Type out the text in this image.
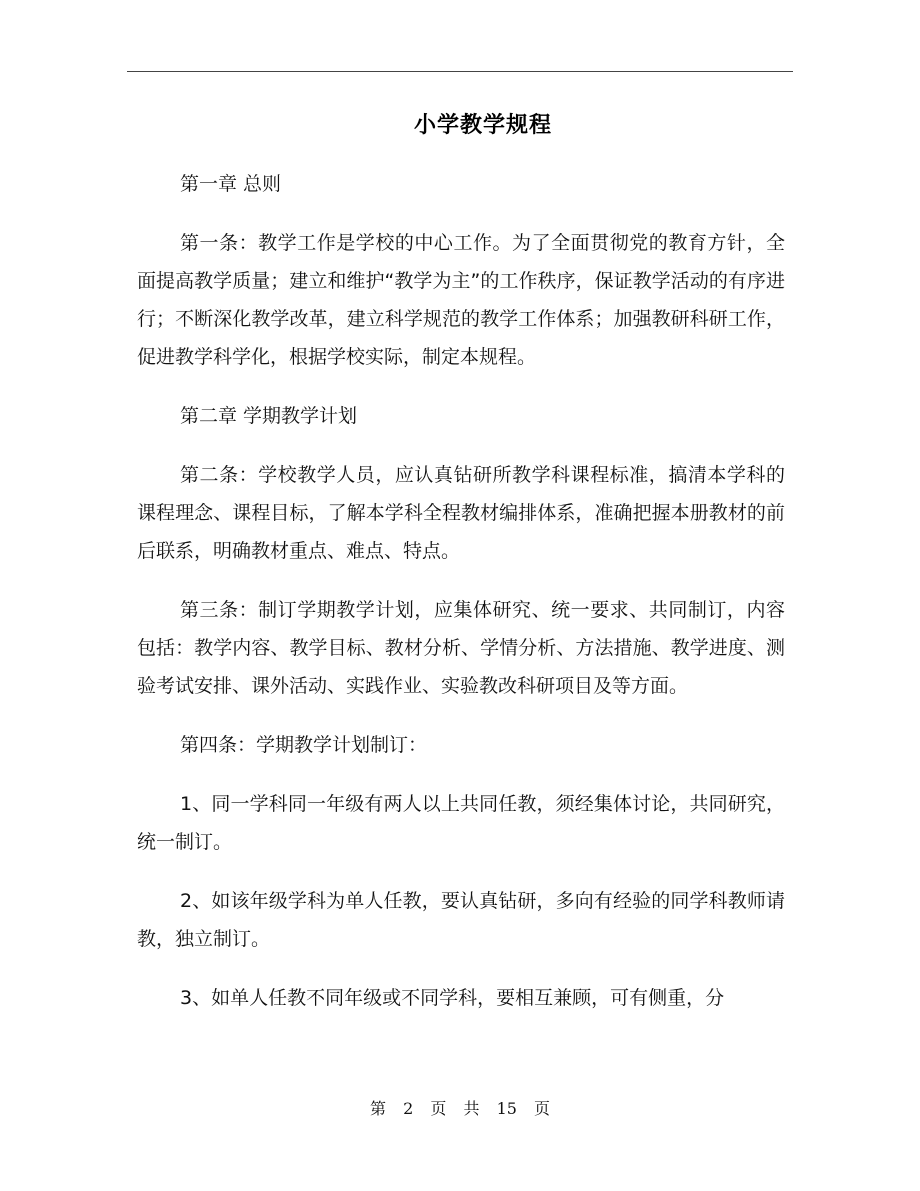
小学教学规程

第一章 总则

第一条：教学工作是学校的中心工作。为了全面贯彻党的教育方针，全面提高教学质量；建立和维护“教学为主”的工作秩序，保证教学活动的有序进行；不断深化教学改革，建立科学规范的教学工作体系；加强教研科研工作，促进教学科学化，根据学校实际，制定本规程。

第二章 学期教学计划

第二条：学校教学人员，应认真钻研所教学科课程标准，搞清本学科的课程理念、课程目标，了解本学科全程教材编排体系，准确把握本册教材的前后联系，明确教材重点、难点、特点。

第三条：制订学期教学计划，应集体研究、统一要求、共同制订，内容包括：教学内容、教学目标、教材分析、学情分析、方法措施、教学进度、测验考试安排、课外活动、实践作业、实验教改科研项目及等方面。

第四条：学期教学计划制订：

1、同一学科同一年级有两人以上共同任教，须经集体讨论，共同研究，统一制订。

2、如该年级学科为单人任教，要认真钻研，多向有经验的同学科教师请教，独立制订。

3、如单人任教不同年级或不同学科，要相互兼顾，可有侧重，分

第 2 页 共 15 页
